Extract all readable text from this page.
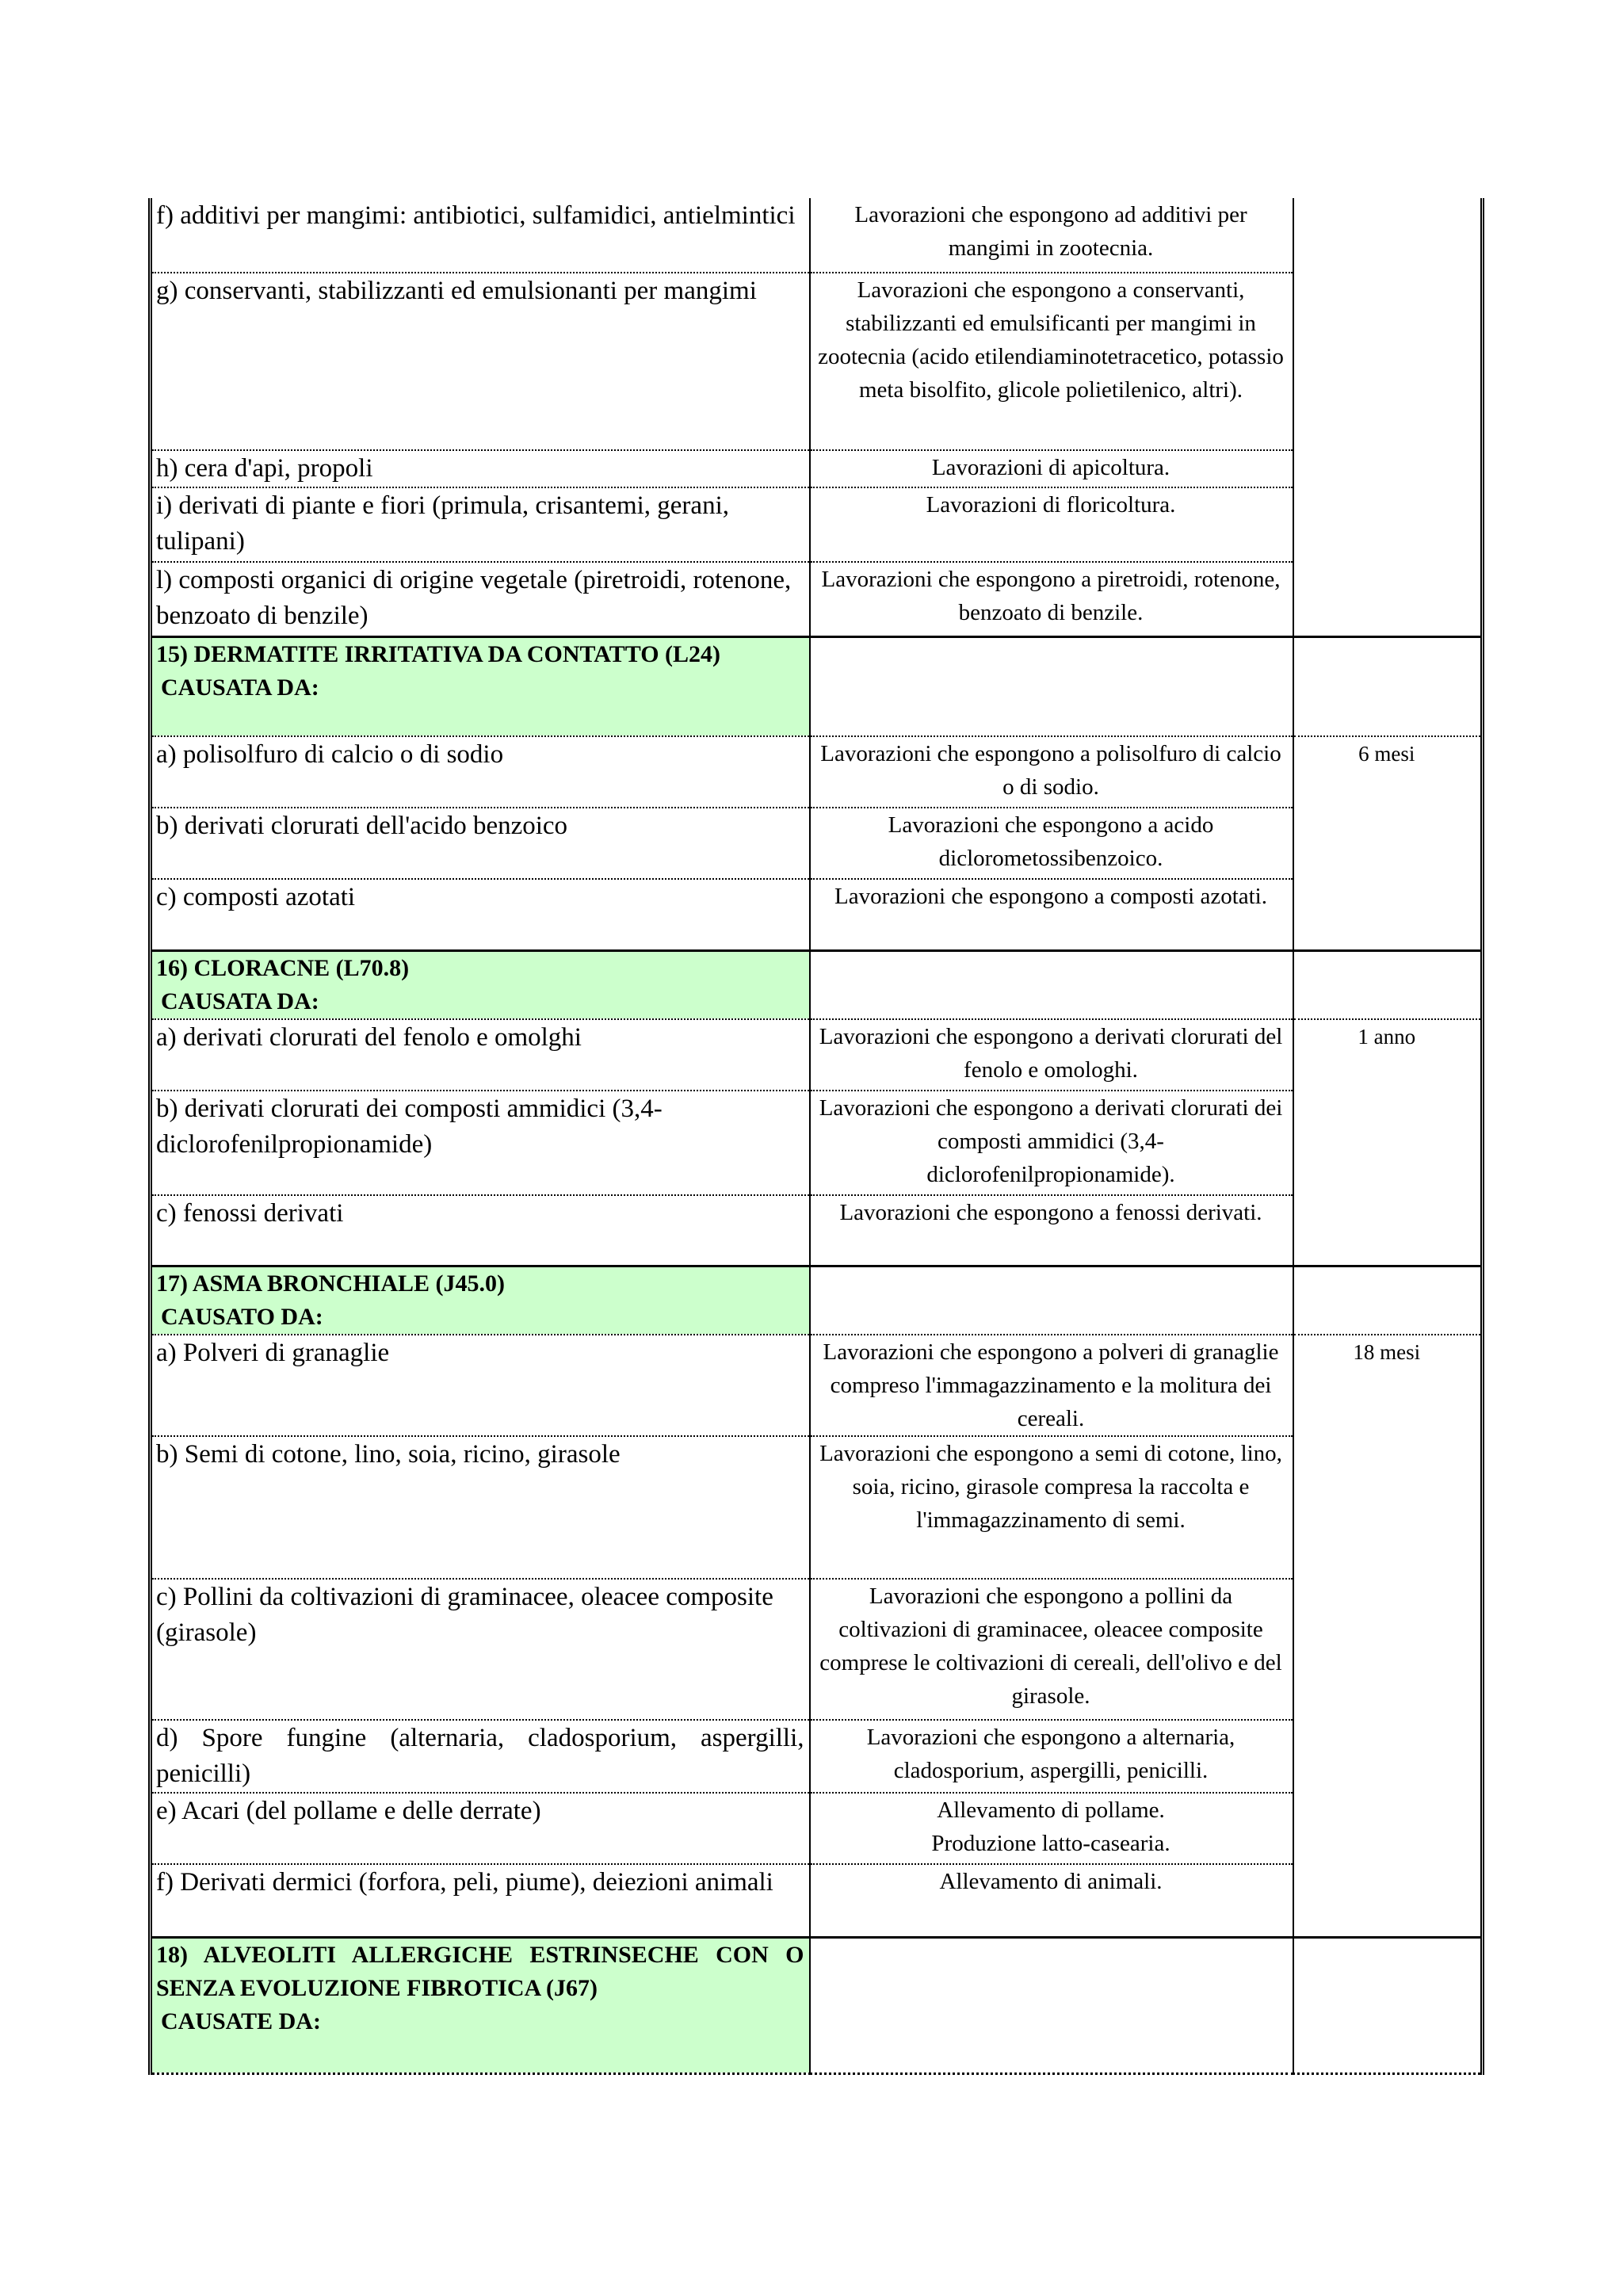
f) additivi per mangimi: antibiotici, sulfamidici, antielmintici	Lavorazioni che espongono ad additivi per mangimi in zootecnia.	
g) conservanti, stabilizzanti ed emulsionanti per mangimi	Lavorazioni che espongono a conservanti, stabilizzanti ed emulsificanti per mangimi in zootecnia (acido etilendiaminotetracetico, potassio meta bisolfito, glicole polietilenico, altri).	
h) cera d'api, propoli	Lavorazioni di apicoltura.	
i) derivati di piante e fiori (primula, crisantemi, gerani, tulipani)	Lavorazioni di floricoltura.	
l) composti organici di origine vegetale (piretroidi, rotenone, benzoato di benzile)	Lavorazioni che espongono a piretroidi, rotenone, benzoato di benzile.	

15) DERMATITE IRRITATIVA DA CONTATTO (L24)
CAUSATA DA:		

a) polisolfuro di calcio o di sodio	Lavorazioni che espongono a polisolfuro di calcio o di sodio.	6 mesi
b) derivati clorurati dell'acido benzoico	Lavorazioni che espongono a acido diclorometossibenzoico.	
c) composti azotati	Lavorazioni che espongono a composti azotati.	

16) CLORACNE (L70.8)
CAUSATA DA:		

a) derivati clorurati del fenolo e omolghi	Lavorazioni che espongono a derivati clorurati del fenolo e omologhi.	1 anno
b) derivati clorurati dei composti ammidici (3,4-diclorofenilpropionamide)	Lavorazioni che espongono a derivati clorurati dei composti ammidici (3,4-diclorofenilpropionamide).	
c) fenossi derivati	Lavorazioni che espongono a fenossi derivati.	

17) ASMA BRONCHIALE (J45.0)
CAUSATO DA:		

a) Polveri di granaglie	Lavorazioni che espongono a polveri di granaglie compreso l'immagazzinamento e la molitura dei cereali.	18 mesi
b) Semi di cotone, lino, soia, ricino, girasole	Lavorazioni che espongono a semi di cotone, lino, soia, ricino, girasole compresa la raccolta e l'immagazzinamento di semi.	
c) Pollini da coltivazioni di graminacee, oleacee composite (girasole)	Lavorazioni che espongono a pollini da coltivazioni di graminacee, oleacee composite comprese le coltivazioni di cereali, dell'olivo e del girasole.	
d) Spore fungine (alternaria, cladosporium, aspergilli, penicilli)	Lavorazioni che espongono a alternaria, cladosporium, aspergilli, penicilli.	
e) Acari (del pollame e delle derrate)	Allevamento di pollame.
Produzione latto-casearia.	

f) Derivati dermici (forfora, peli, piume), deiezioni animali	Allevamento di animali.	

18) ALVEOLITI ALLERGICHE ESTRINSECHE CON O SENZA EVOLUZIONE FIBROTICA (J67)
CAUSATE DA:		
